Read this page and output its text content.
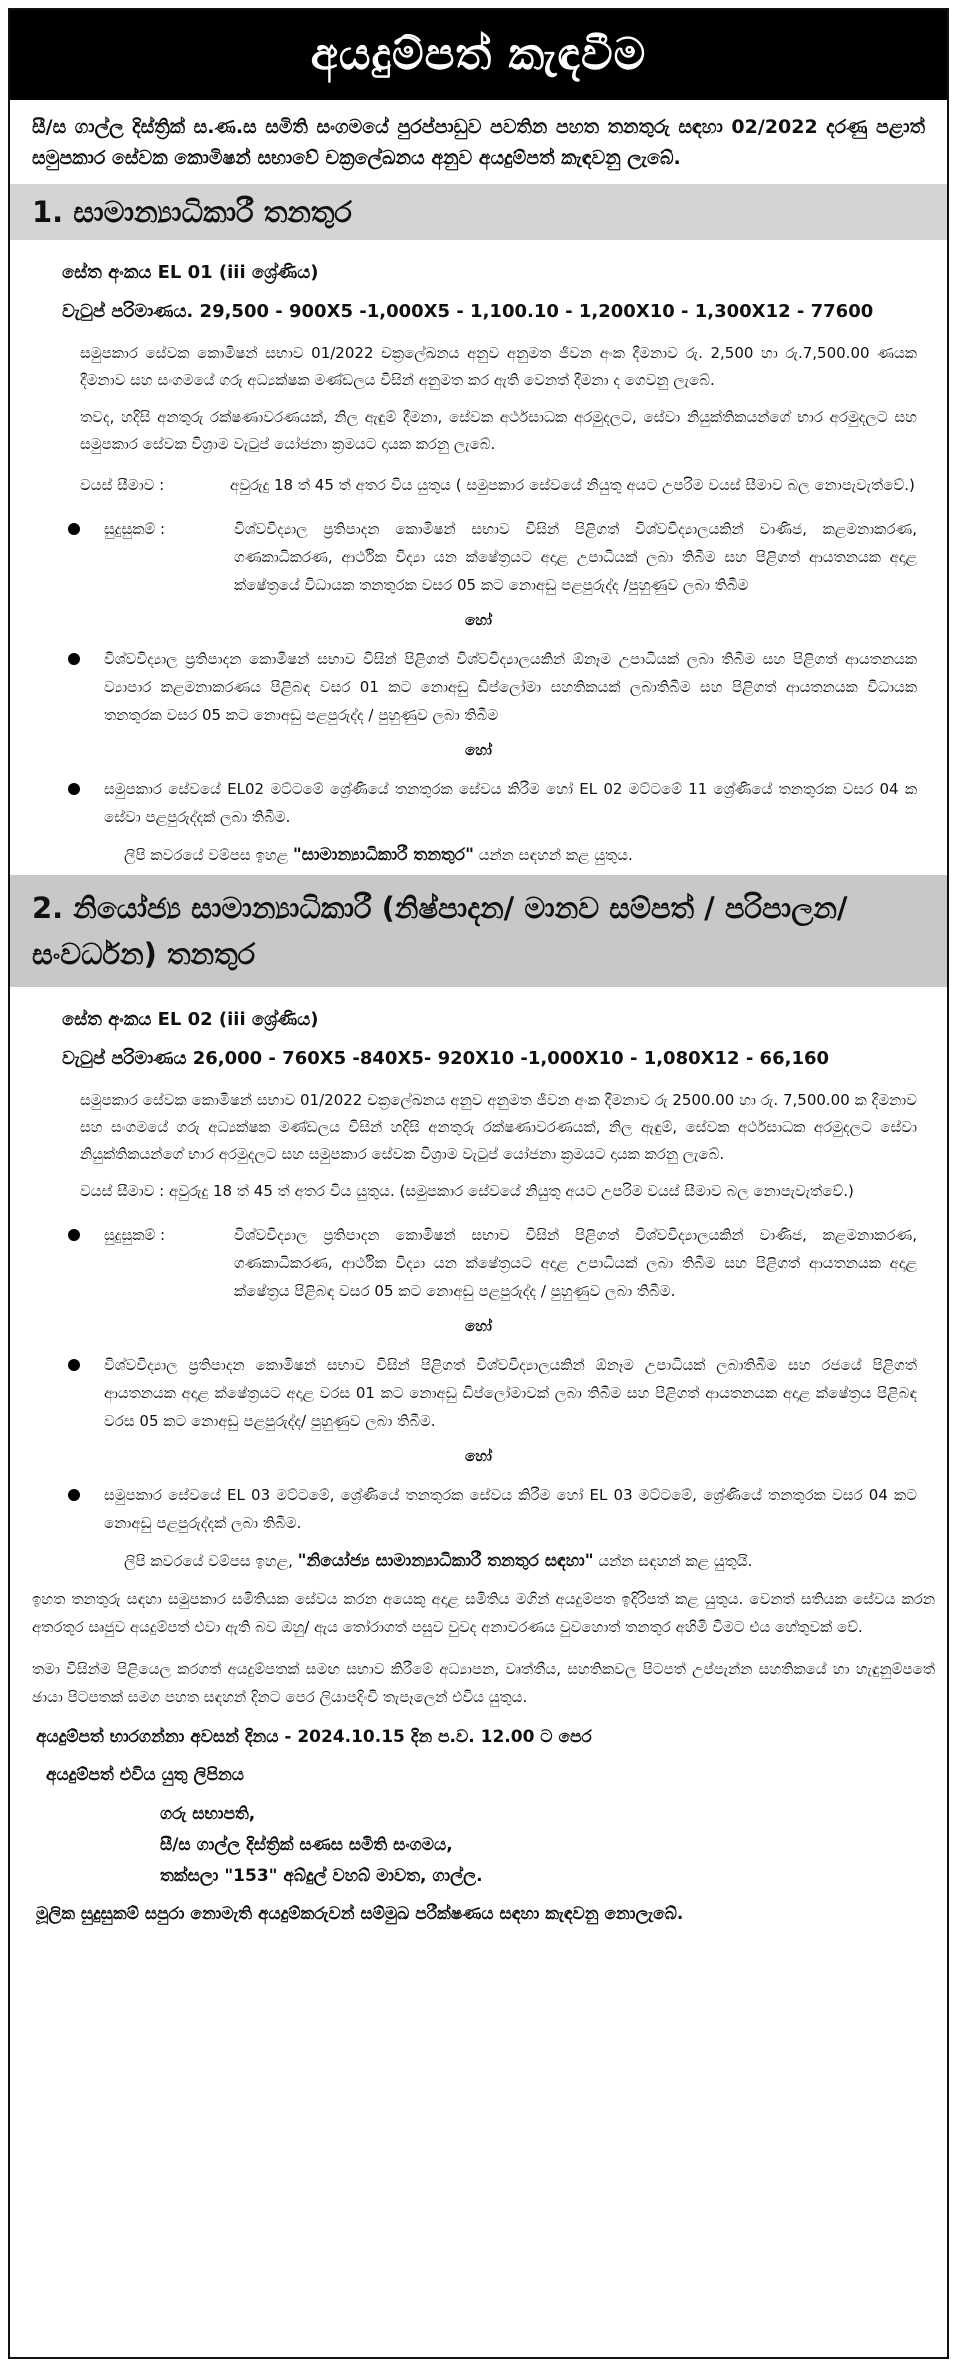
අයදුම්පත් කැඳවීම
සී/ස ගාල්ල දිස්ත්‍රික් ස.ණ.ස සමිති සංගමයේ පුරප්පාඩුව පවතින පහත තනතුරු සඳහා 02/2022 දරණු පළාත් සමුපකාර සේවක කොමිෂන් සභාවේ චක්‍රලේඛනය අනුව අයදුම්පත් කැඳවනු ලැබේ.
1. සාමාන්‍යාධිකාරී තනතුර
සේත අංකය EL 01 (iii ශ්‍රේණිය)
වැටුප් පරිමාණය. 29,500 - 900X5 -1,000X5 - 1,100.10 - 1,200X10 - 1,300X12 - 77600
සමුපකාර සේවක කොමිෂන් සභාව 01/2022 චක්‍රලේඛනය අනුව අනුමත ජීවන අංක දීමනාව රු. 2,500 හා රු.7,500.00 ණයක දීමනාව සහ සංගමයේ ගරු අධ්‍යක්ෂක මණ්ඩලය විසින් අනුමත කර ඇති වෙනත් දීමනා ද ගෙවනු ලැබේ.
තවද, හදිසි අනතුරු රක්ෂණාවරණයක්, නිල ඇඳුම් දීමනා, සේවක අර්ථසාධක අරමුදලට, සේවා නියුක්තිකයන්ගේ භාර අරමුදලට සහ සමුපකාර සේවක විශ්‍රාම වැටුප් යෝජනා ක්‍රමයට දායක කරනු ලැබේ.
වයස් සීමාව :	අවුරුදු 18 ත් 45 ත් අතර විය යුතුය ( සමුපකාර සේවයේ නියුතු අයට උපරිම වයස් සීමාව බල නොපැවැත්වේ.)
සුදුසුකම් :	විශ්වවිද්‍යාල ප්‍රතිපාදන කොමිෂන් සභාව විසින් පිළිගත් විශ්වවිද්‍යාලයකින් වාණිජ, කළමනාකරණ, ගණකාධිකරණ, ආර්ථික විද්‍යා යන ක්ෂේත්‍රයට අදාළ උපාධියක් ලබා තිබීම සහ පිළිගත් ආයතනයක අදාළ ක්ෂේත්‍රයේ විධායක තනතුරක වසර 05 කට නොඅඩු පළපුරුද්ද /පුහුණුව ලබා තිබීම
හෝ
විශ්වවිද්‍යාල ප්‍රතිපාදන කොමිෂන් සභාව විසින් පිළිගත් විශ්වවිද්‍යාලයකින් ඕනෑම උපාධියක් ලබා තිබීම සහ පිළිගත් ආයතනයක ව්‍යාපාර කළමනාකරණය පිළිබඳ වසර 01 කට නොඅඩු ඩිප්ලෝමා සහතිකයක් ලබාතිබීම සහ පිළිගත් ආයතනයක විධායක තනතුරක වසර 05 කට නොඅඩු පළපුරුද්ද / පුහුණුව ලබා තිබීම
හෝ
සමුපකාර සේවයේ EL02 මට්ටමේ ශ්‍රේණියේ තනතුරක සේවය කිරීම හෝ EL 02 මට්ටමේ 11 ශ්‍රේණියේ තනතුරක වසර 04 ක සේවා පළපුරුද්දක් ලබා තිබීම.
ලිපි කවරයේ වම්පස ඉහළ "සාමාන්‍යාධිකාරී තනතුර" යන්න සඳහන් කළ යුතුය.
2. නියෝජ්‍ය සාමාන්‍යාධිකාරී (නිෂ්පාදන/ මානව සම්පත් / පරිපාලන/ සංවර්ධන) තනතුර
සේත අංකය EL 02 (iii ශ්‍රේණිය)
වැටුප් පරිමාණය 26,000 - 760X5 -840X5- 920X10 -1,000X10 - 1,080X12 - 66,160
සමුපකාර සේවක කොමිෂන් සභාව 01/2022 චක්‍රලේඛනය අනුව අනුමත ජීවන අංක දීමනාව රු 2500.00 හා රු. 7,500.00 ක දීමනාව සහ සංගමයේ ගරු අධ්‍යක්ෂක මණ්ඩලය විසින් හදිසි අනතුරු රක්ෂණාවරණයක්, නිල ඇඳුම්, සේවක අර්ථසාධක අරමුදලට සේවා නියුක්තිකයන්ගේ භාර අරමුදලට සහ සමුපකාර සේවක විශ්‍රාම වැටුප් යෝජනා ක්‍රමයට දායක කරනු ලැබේ.
වයස් සීමාව : අවුරුදු 18 ත් 45 ත් අතර විය යුතුය. (සමුපකාර සේවයේ නියුතු අයට උපරිම වයස් සීමාව බල නොපැවැත්වේ.)
සුදුසුකම් :	විශ්වවිද්‍යාල ප්‍රතිපාදන කොමිෂන් සභාව විසින් පිළිගත් විශ්වවිද්‍යාලයකින් වාණිජ, කළමනාකරණ, ගණකාධිකරණ, ආර්ථික විද්‍යා යන ක්ෂේත්‍රයට අදාළ උපාධියක් ලබා තිබීම සහ පිළිගත් ආයතනයක අදාළ ක්ෂේත්‍රය පිළිබඳ වසර 05 කට නොඅඩු පළපුරුද්ද / පුහුණුව ලබා තිබීම.
හෝ
විශ්වවිද්‍යාල ප්‍රතිපාදන කොමිෂන් සභාව විසින් පිළිගත් විශ්වවිද්‍යාලයකින් ඕනෑම උපාධියක් ලබාතිබීම සහ රජයේ පිළිගත් ආයතනයක අදාළ ක්ෂේත්‍රයට අදාළ වරස 01 කට නොඅඩු ඩිප්ලෝමාවක් ලබා තිබීම සහ පිළිගත් ආයතනයක අදාළ ක්ෂේත්‍රය පිළිබඳ වරස 05 කට නොඅඩු පළපුරුද්ද/ පුහුණුව ලබා තිබීම.
හෝ
සමුපකාර සේවයේ EL 03 මට්ටමේ, ශ්‍රේණියේ තනතුරක සේවය කිරීම හෝ EL 03 මට්ටමේ, ශ්‍රේණියේ තනතුරක වසර 04 කට නොඅඩු පළපුරුද්දක් ලබා තිබීම.
ලිපි කවරයේ වම්පස ඉහළ, "නියෝජ්‍ය සාමාන්‍යාධිකාරී තනතුර සඳහා" යන්න සඳහන් කළ යුතුයි.
ඉහත තනතුරු සඳහා සමුපකාර සමිතියක සේවය කරන අයෙකු අදාළ සමිතිය මගින් අයදුම්පත ඉදිරිපත් කළ යුතුය. වෙනත් සතියක සේවය කරන අතරතුර සෘජුව අයදුම්පත් එවා ඇති බව ඔහු/ ඇය තෝරාගත් පසුව වුවද අනාවරණය වුවහොත් තනතුර අහිමි වීමට එය හේතුවක් වේ.
තමා විසින්ම පිළියෙල කරගත් අයදුම්පතක් සමඟ සභාව කිරීමේ අධ්‍යාපන, වෘත්තීය, සහතිකවල පිටපත් උප්පැන්න සහතිකයේ හා හැඳුනුම්පතේ ඡායා පිටපතක් සමග පහත සඳහන් දිනට පෙර ලියාපදිංචි තැපෑලෙන් එවිය යුතුය.
අයදුම්පත් භාරගන්නා අවසන් දිනය - 2024.10.15 දින ප.ව. 12.00 ට පෙර
අයදුම්පත් එවිය යුතු ලිපිනය
ගරු සභාපති,
සී/ස ගාල්ල දිස්ත්‍රික් සණස සමිති සංගමය,
තක්සලා "153" අබ්දුල් වහබ් මාවත, ගාල්ල.
මූලික සුදුසුකම් සපුරා නොමැති අයදුම්කරුවන් සම්මුඛ පරීක්ෂණය සඳහා කැඳවනු නොලැබේ.
